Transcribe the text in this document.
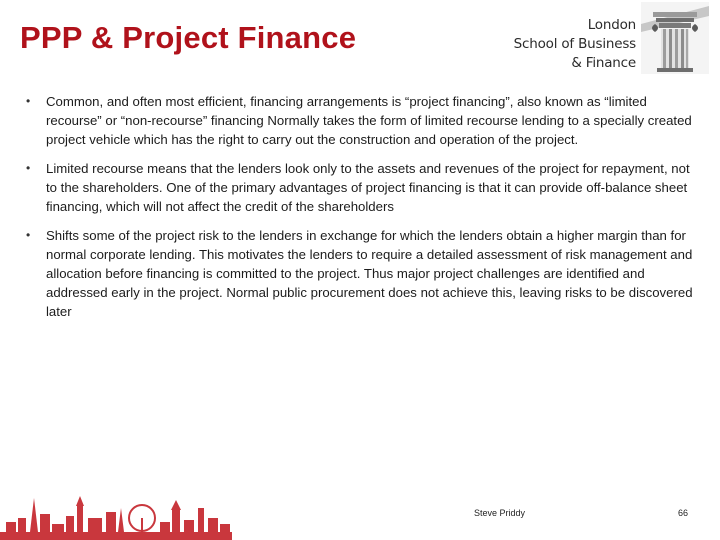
PPP & Project Finance	London
School of Business
& Finance
• Common, and often most efficient, financing arrangements is “project financing”, also known as “limited recourse” or “non-recourse” financing Normally takes the form of limited recourse lending to a specially created project vehicle which has the right to carry out the construction and operation of the project.
• Limited recourse means that the lenders look only to the assets and revenues of the project for repayment, not to the shareholders. One of the primary advantages of project financing is that it can provide off-balance sheet financing, which will not affect the credit of the shareholders
• Shifts some of the project risk to the lenders in exchange for which the lenders obtain a higher margin than for normal corporate lending. This motivates the lenders to require a detailed assessment of risk management and allocation before financing is committed to the project. Thus major project challenges are identified and addressed early in the project. Normal public procurement does not achieve this, leaving risks to be discovered later
Steve Priddy	66
